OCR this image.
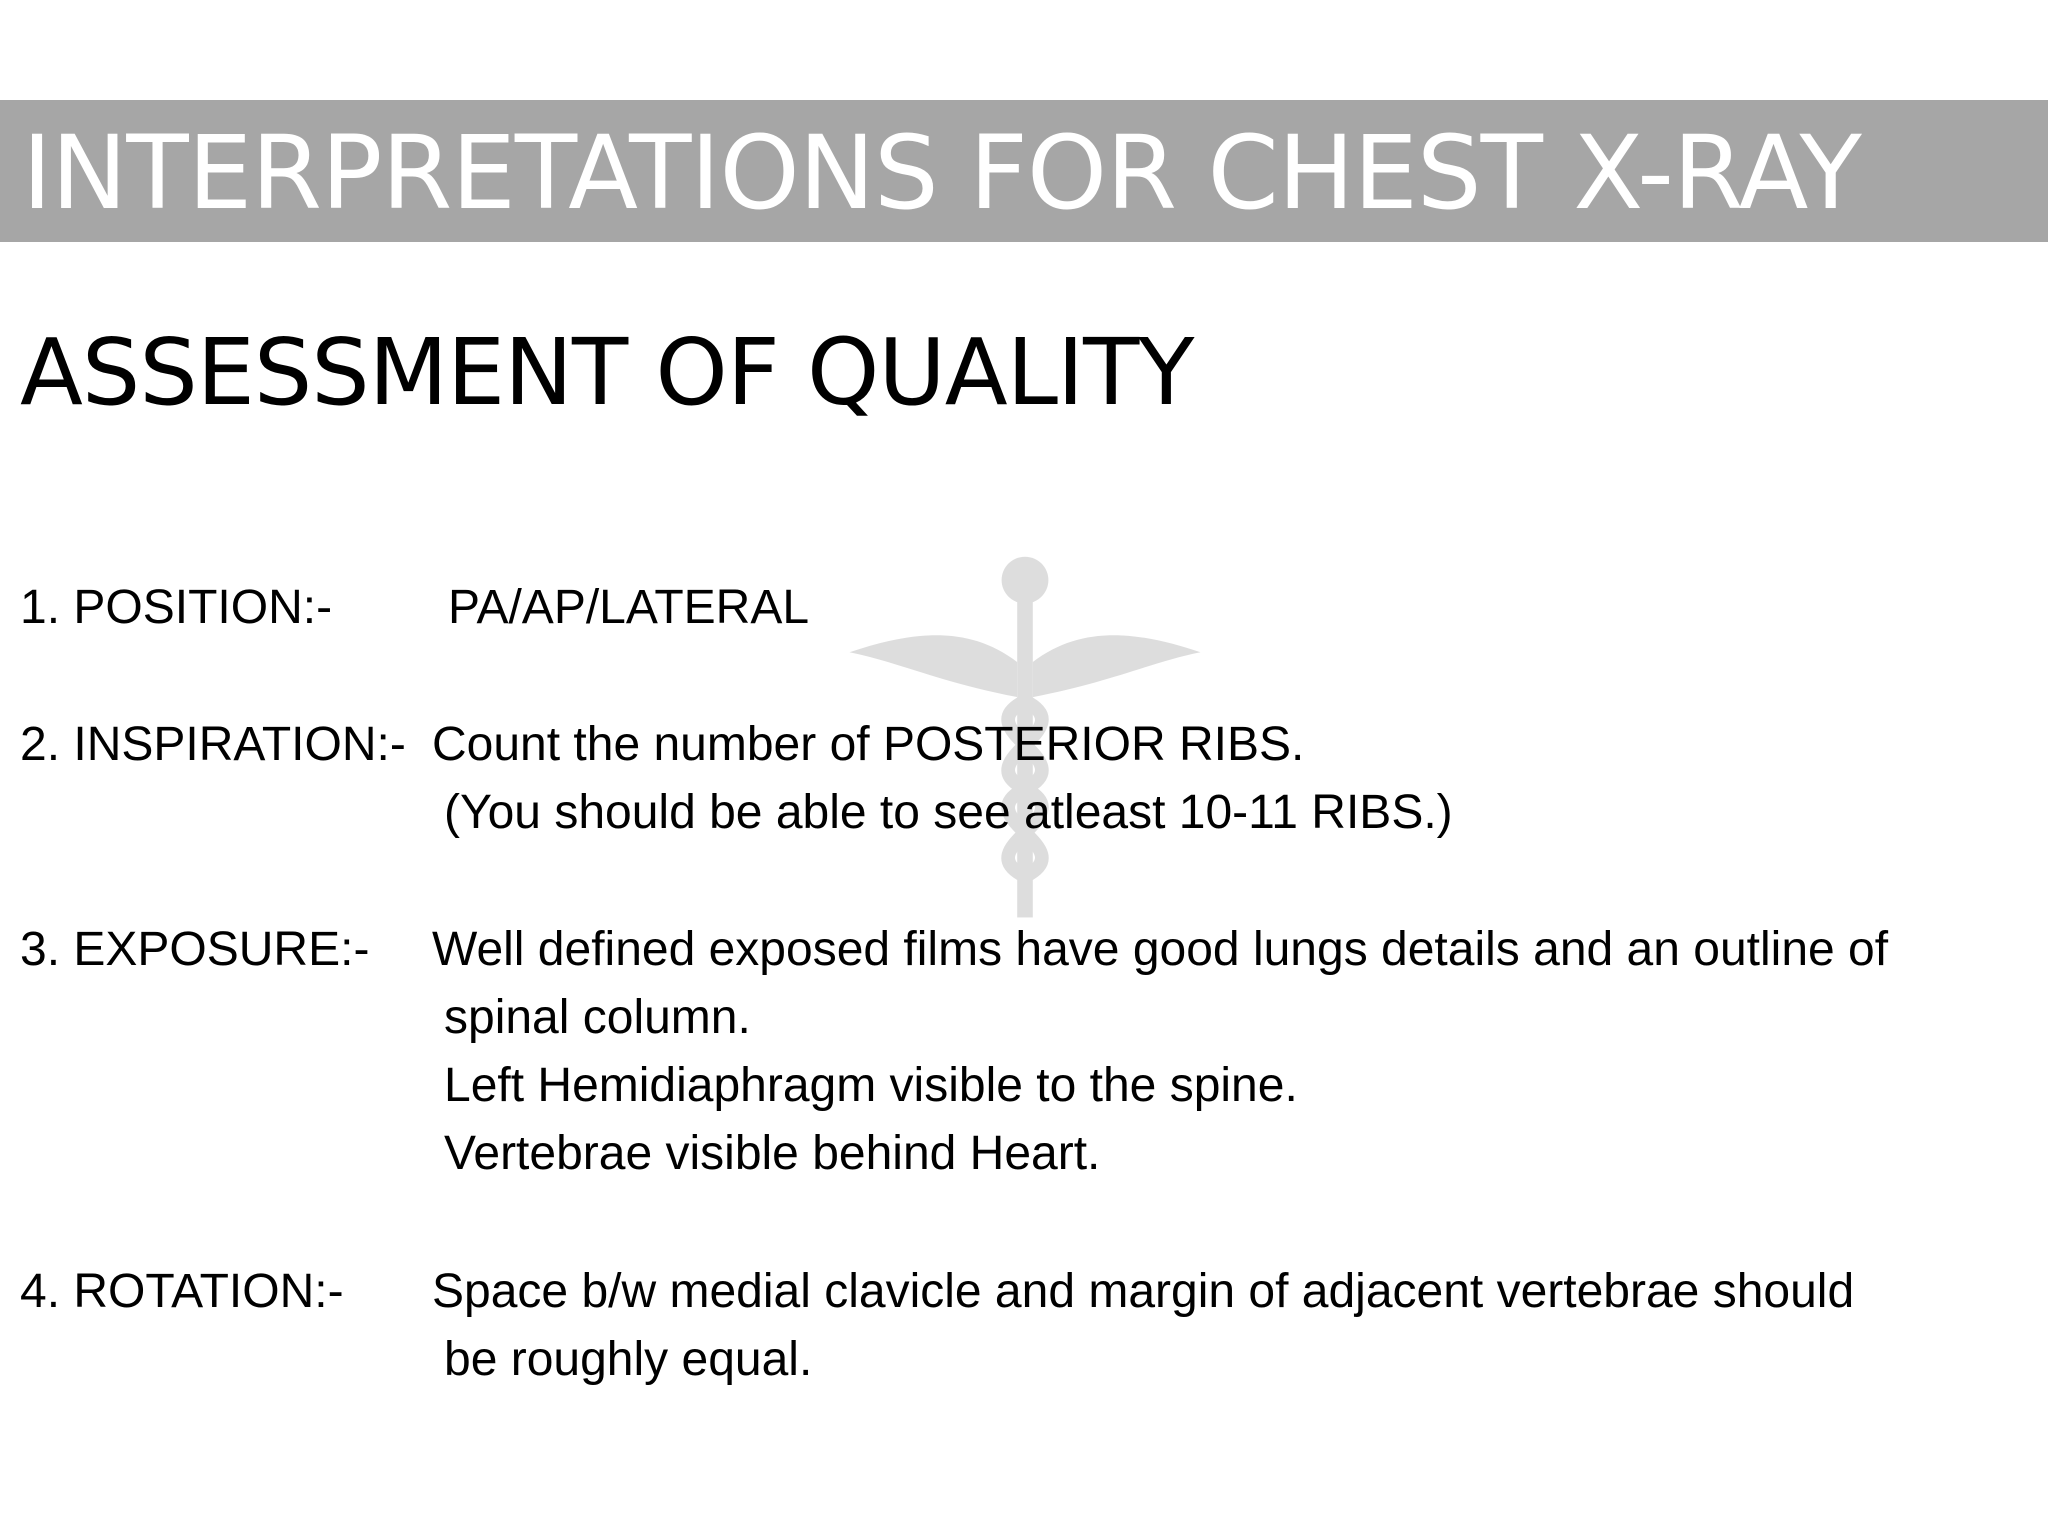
INTERPRETATIONS FOR CHEST X-RAY
ASSESSMENT OF QUALITY
1. POSITION:- PA/AP/LATERAL
2. INSPIRATION:- Count the number of POSTERIOR RIBS.
(You should be able to see atleast 10-11 RIBS.)
3. EXPOSURE:- Well defined exposed films have good lungs details and an outline of
spinal column.
Left Hemidiaphragm visible to the spine.
Vertebrae visible behind Heart.
4. ROTATION:- Space b/w medial clavicle and margin of adjacent vertebrae should
be roughly equal.
